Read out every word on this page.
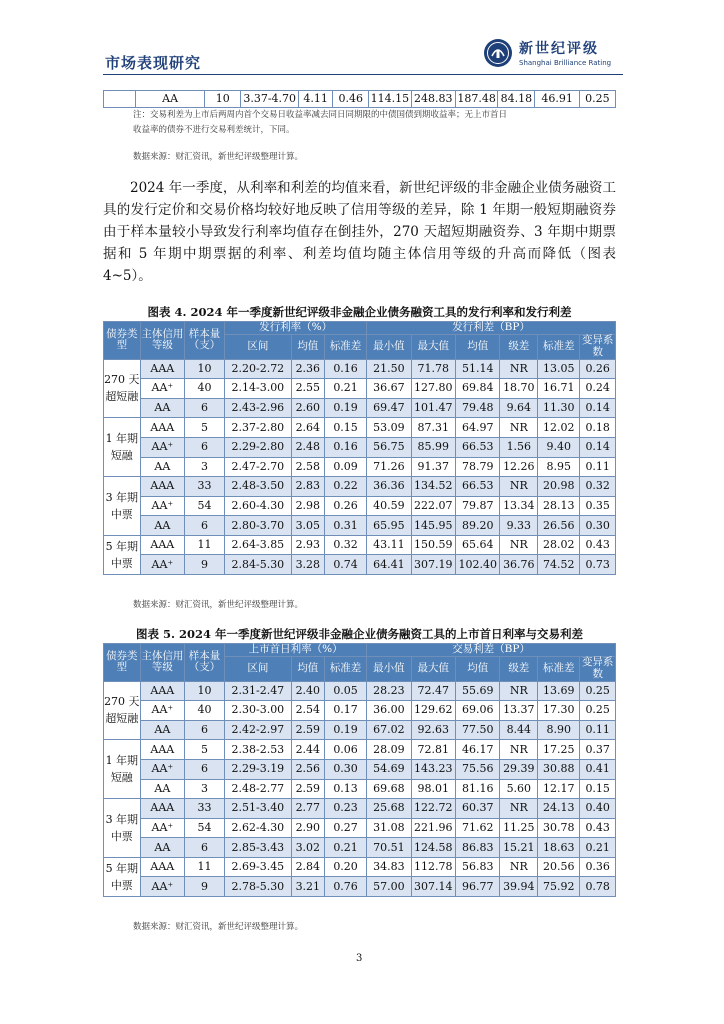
市场表现研究
新世纪评级
Shanghai Brilliance Rating
	AA	10	3.37-4.70	4.11	0.46	114.15	248.83	187.48	84.18	46.91	0.25
注：交易利差为上市后两周内首个交易日收益率减去同日同期限的中债国债到期收益率；无上市首日
收益率的债券不进行交易利差统计，下同。
数据来源：财汇资讯，新世纪评级整理计算。

2024 年一季度，从利率和利差的均值来看，新世纪评级的非金融企业债务融资工具的发行定价和交易价格均较好地反映了信用等级的差异，除 1 年期一般短期融资券由于样本量较小导致发行利率均值存在倒挂外，270 天超短期融资券、3 年期中期票据和 5 年期中期票据的利率、利差均值均随主体信用等级的升高而降低（图表 4~5）。

图表 4. 2024 年一季度新世纪评级非金融企业债务融资工具的发行利率和发行利差
债券类型	主体信用等级	样本量（支）	发行利率（%）			发行利差（BP）					
			区间	均值	标准差	最小值	最大值	均值	级差	标准差	变异系数
270 天超短融	AAA	10	2.20-2.72	2.36	0.16	21.50	71.78	51.14	NR	13.05	0.26
	AA⁺	40	2.14-3.00	2.55	0.21	36.67	127.80	69.84	18.70	16.71	0.24
	AA	6	2.43-2.96	2.60	0.19	69.47	101.47	79.48	9.64	11.30	0.14
1 年期短融	AAA	5	2.37-2.80	2.64	0.15	53.09	87.31	64.97	NR	12.02	0.18
	AA⁺	6	2.29-2.80	2.48	0.16	56.75	85.99	66.53	1.56	9.40	0.14
	AA	3	2.47-2.70	2.58	0.09	71.26	91.37	78.79	12.26	8.95	0.11
3 年期中票	AAA	33	2.48-3.50	2.83	0.22	36.36	134.52	66.53	NR	20.98	0.32
	AA⁺	54	2.60-4.30	2.98	0.26	40.59	222.07	79.87	13.34	28.13	0.35
	AA	6	2.80-3.70	3.05	0.31	65.95	145.95	89.20	9.33	26.56	0.30
5 年期中票	AAA	11	2.64-3.85	2.93	0.32	43.11	150.59	65.64	NR	28.02	0.43
	AA⁺	9	2.84-5.30	3.28	0.74	64.41	307.19	102.40	36.76	74.52	0.73
数据来源：财汇资讯，新世纪评级整理计算。
图表 5. 2024 年一季度新世纪评级非金融企业债务融资工具的上市首日利率与交易利差
债券类型	主体信用等级	样本量（支）	上市首日利率（%）			交易利差（BP）					
			区间	均值	标准差	最小值	最大值	均值	级差	标准差	变异系数
270 天超短融	AAA	10	2.31-2.47	2.40	0.05	28.23	72.47	55.69	NR	13.69	0.25
	AA⁺	40	2.30-3.00	2.54	0.17	36.00	129.62	69.06	13.37	17.30	0.25
	AA	6	2.42-2.97	2.59	0.19	67.02	92.63	77.50	8.44	8.90	0.11
1 年期短融	AAA	5	2.38-2.53	2.44	0.06	28.09	72.81	46.17	NR	17.25	0.37
	AA⁺	6	2.29-3.19	2.56	0.30	54.69	143.23	75.56	29.39	30.88	0.41
	AA	3	2.48-2.77	2.59	0.13	69.68	98.01	81.16	5.60	12.17	0.15
3 年期中票	AAA	33	2.51-3.40	2.77	0.23	25.68	122.72	60.37	NR	24.13	0.40
	AA⁺	54	2.62-4.30	2.90	0.27	31.08	221.96	71.62	11.25	30.78	0.43
	AA	6	2.85-3.43	3.02	0.21	70.51	124.58	86.83	15.21	18.63	0.21
5 年期中票	AAA	11	2.69-3.45	2.84	0.20	34.83	112.78	56.83	NR	20.56	0.36
	AA⁺	9	2.78-5.30	3.21	0.76	57.00	307.14	96.77	39.94	75.92	0.78
数据来源：财汇资讯，新世纪评级整理计算。
3
